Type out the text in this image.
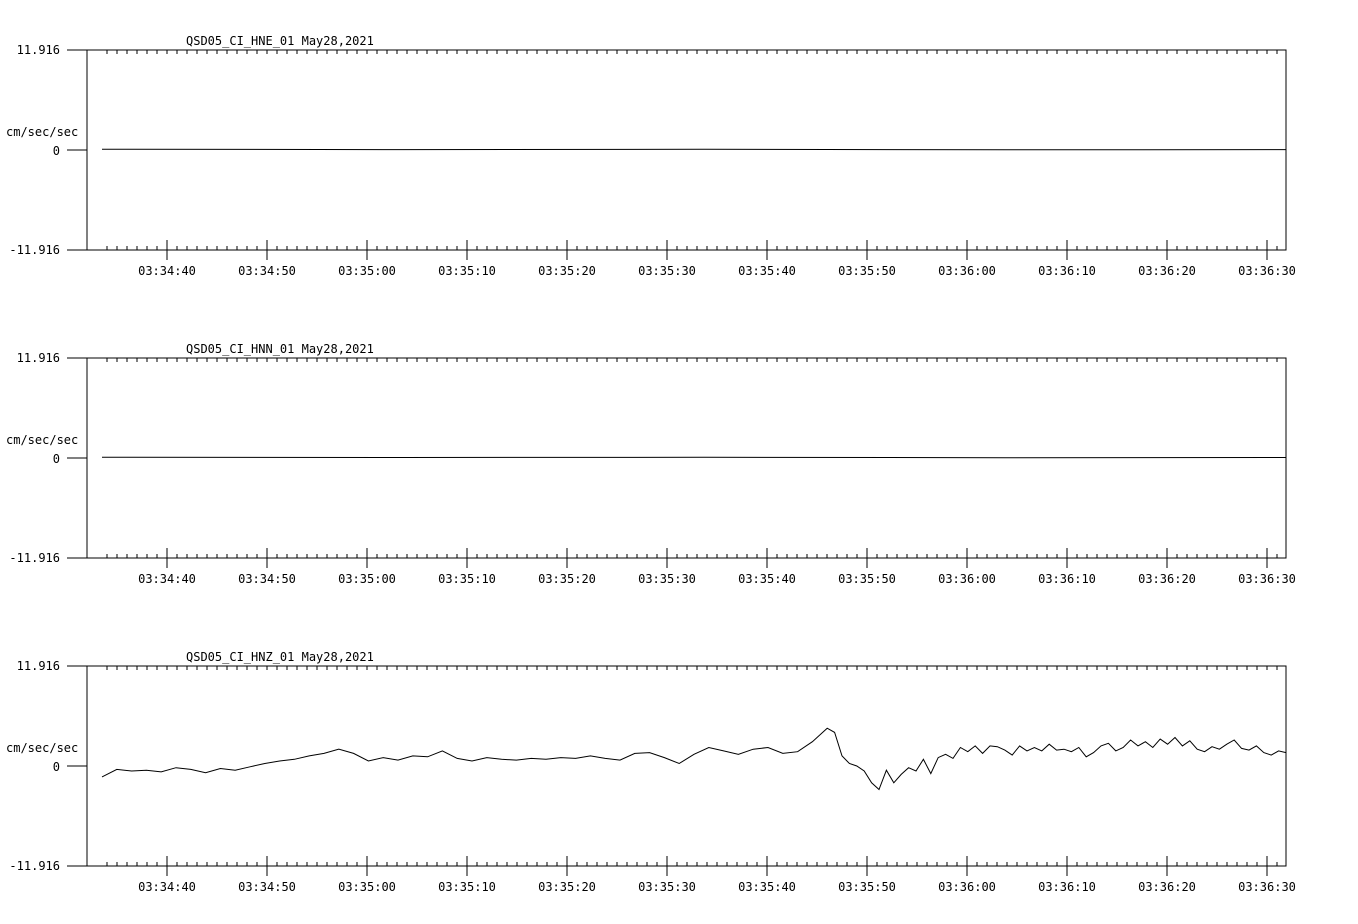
QSD05_CI_HNE_01 May28,2021
cm/sec/sec
11.916
0
-11.916
03:34:40	03:34:50	03:35:00	03:35:10	03:35:20	03:35:30	03:35:40	03:35:50	03:36:00	03:36:10	03:36:20	03:36:30
QSD05_CI_HNN_01 May28,2021
cm/sec/sec
11.916
0
-11.916
03:34:40	03:34:50	03:35:00	03:35:10	03:35:20	03:35:30	03:35:40	03:35:50	03:36:00	03:36:10	03:36:20	03:36:30
QSD05_CI_HNZ_01 May28,2021
cm/sec/sec
11.916
0
-11.916
03:34:40	03:34:50	03:35:00	03:35:10	03:35:20	03:35:30	03:35:40	03:35:50	03:36:00	03:36:10	03:36:20	03:36:30
